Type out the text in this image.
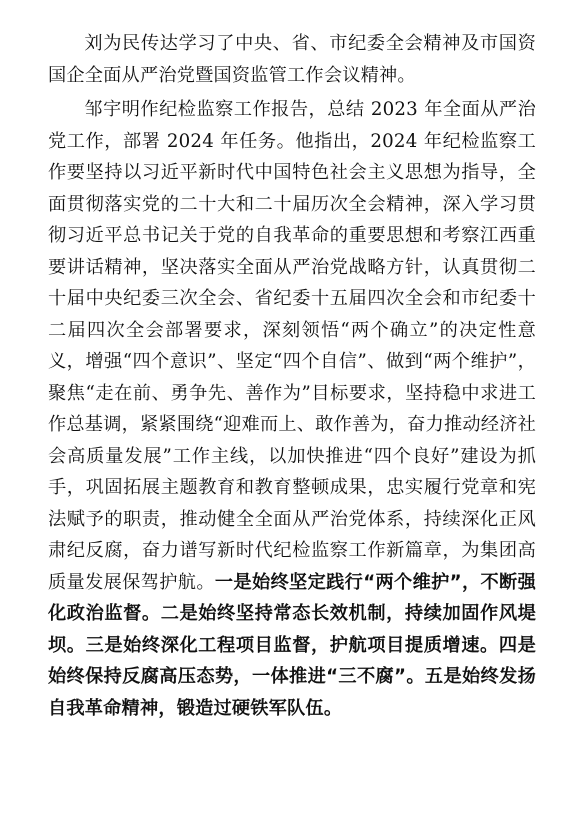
刘为民传达学习了中央、省、市纪委全会精神及市国资国企全面从严治党暨国资监管工作会议精神。

邹宇明作纪检监察工作报告，总结 2023 年全面从严治党工作，部署 2024 年任务。他指出，2024 年纪检监察工作要坚持以习近平新时代中国特色社会主义思想为指导，全面贯彻落实党的二十大和二十届历次全会精神，深入学习贯彻习近平总书记关于党的自我革命的重要思想和考察江西重要讲话精神，坚决落实全面从严治党战略方针，认真贯彻二十届中央纪委三次全会、省纪委十五届四次全会和市纪委十二届四次全会部署要求，深刻领悟“两个确立”的决定性意义，增强“四个意识”、坚定“四个自信”、做到“两个维护”，聚焦“走在前、勇争先、善作为”目标要求，坚持稳中求进工作总基调，紧紧围绕“迎难而上、敢作善为，奋力推动经济社会高质量发展”工作主线，以加快推进“四个良好”建设为抓手，巩固拓展主题教育和教育整顿成果，忠实履行党章和宪法赋予的职责，推动健全全面从严治党体系，持续深化正风肃纪反腐，奋力谱写新时代纪检监察工作新篇章，为集团高质量发展保驾护航。一是始终坚定践行“两个维护”，不断强化政治监督。二是始终坚持常态长效机制，持续加固作风堤坝。三是始终深化工程项目监督，护航项目提质增速。四是始终保持反腐高压态势，一体推进“三不腐”。五是始终发扬自我革命精神，锻造过硬铁军队伍。
